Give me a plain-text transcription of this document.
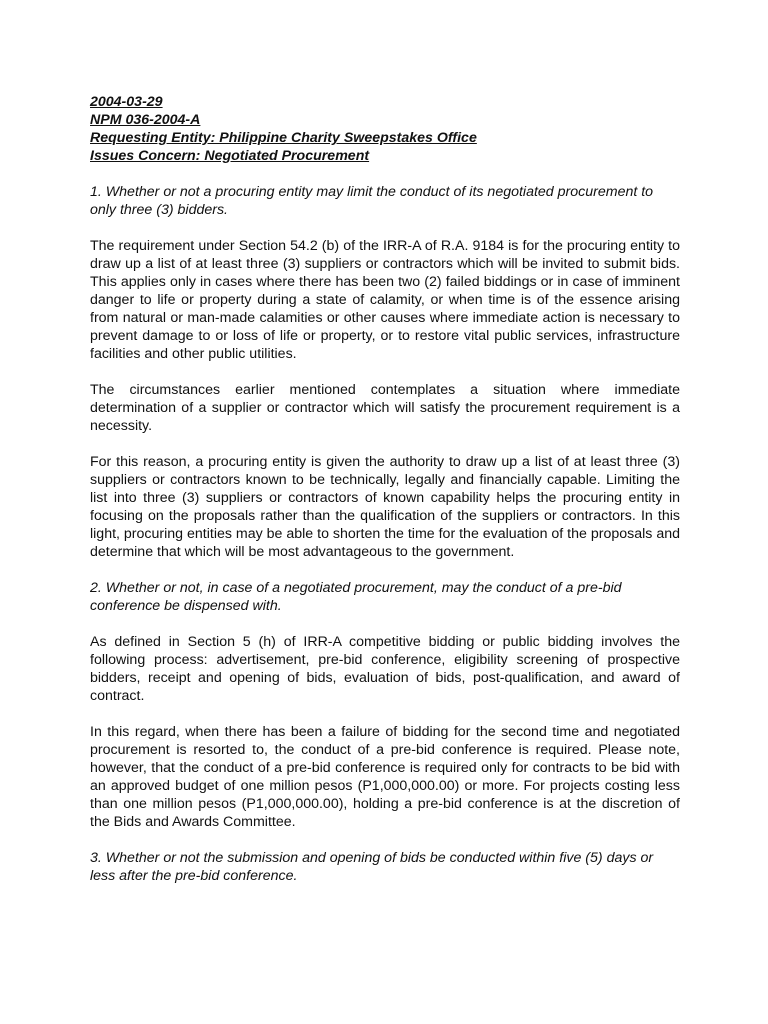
2004-03-29
NPM 036-2004-A
Requesting Entity: Philippine Charity Sweepstakes Office
Issues Concern: Negotiated Procurement

1. Whether or not a procuring entity may limit the conduct of its negotiated procurement to only three (3) bidders.

The requirement under Section 54.2 (b) of the IRR-A of R.A. 9184 is for the procuring entity to draw up a list of at least three (3) suppliers or contractors which will be invited to submit bids. This applies only in cases where there has been two (2) failed biddings or in case of imminent danger to life or property during a state of calamity, or when time is of the essence arising from natural or man-made calamities or other causes where immediate action is necessary to prevent damage to or loss of life or property, or to restore vital public services, infrastructure facilities and other public utilities.

The circumstances earlier mentioned contemplates a situation where immediate determination of a supplier or contractor which will satisfy the procurement requirement is a necessity.

For this reason, a procuring entity is given the authority to draw up a list of at least three (3) suppliers or contractors known to be technically, legally and financially capable. Limiting the list into three (3) suppliers or contractors of known capability helps the procuring entity in focusing on the proposals rather than the qualification of the suppliers or contractors. In this light, procuring entities may be able to shorten the time for the evaluation of the proposals and determine that which will be most advantageous to the government.

2. Whether or not, in case of a negotiated procurement, may the conduct of a pre-bid conference be dispensed with.

As defined in Section 5 (h) of IRR-A competitive bidding or public bidding involves the following process: advertisement, pre-bid conference, eligibility screening of prospective bidders, receipt and opening of bids, evaluation of bids, post-qualification, and award of contract.

In this regard, when there has been a failure of bidding for the second time and negotiated procurement is resorted to, the conduct of a pre-bid conference is required. Please note, however, that the conduct of a pre-bid conference is required only for contracts to be bid with an approved budget of one million pesos (P1,000,000.00) or more. For projects costing less than one million pesos (P1,000,000.00), holding a pre-bid conference is at the discretion of the Bids and Awards Committee.

3. Whether or not the submission and opening of bids be conducted within five (5) days or less after the pre-bid conference.
